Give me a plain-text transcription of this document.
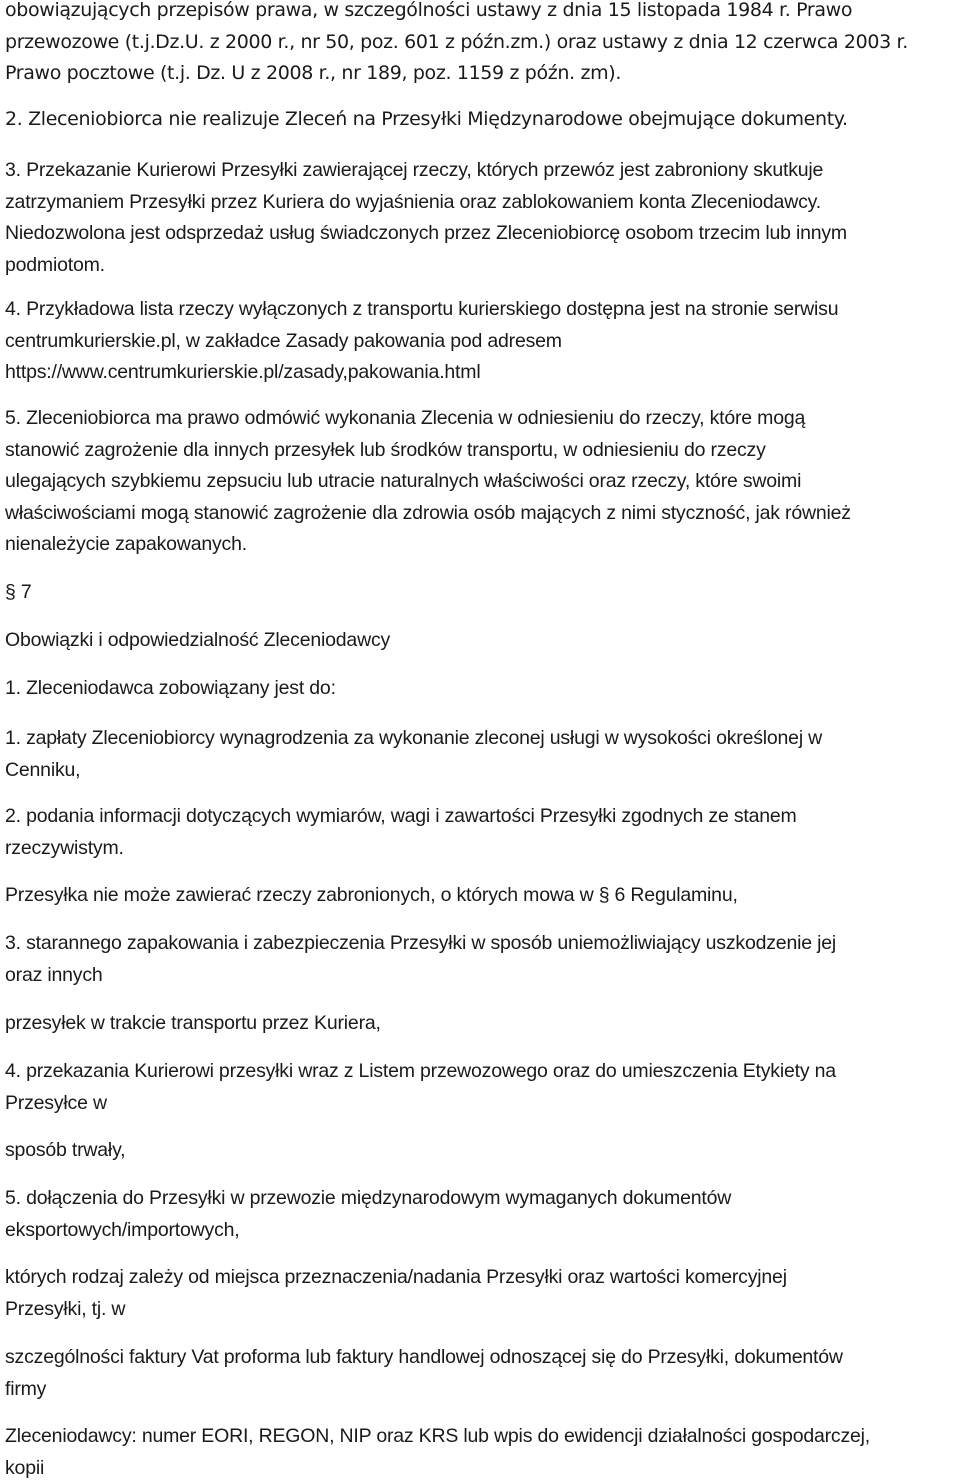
obowiązujących przepisów prawa, w szczególności ustawy z dnia 15 listopada 1984 r. Prawo
przewozowe (t.j.Dz.U. z 2000 r., nr 50, poz. 601 z późn.zm.) oraz ustawy z dnia 12 czerwca 2003 r.
Prawo pocztowe (t.j. Dz. U z 2008 r., nr 189, poz. 1159 z późn. zm).

2. Zleceniobiorca nie realizuje Zleceń na Przesyłki Międzynarodowe obejmujące dokumenty.

3. Przekazanie Kurierowi Przesyłki zawierającej rzeczy, których przewóz jest zabroniony skutkuje
zatrzymaniem Przesyłki przez Kuriera do wyjaśnienia oraz zablokowaniem konta Zleceniodawcy.
Niedozwolona jest odsprzedaż usług świadczonych przez Zleceniobiorcę osobom trzecim lub innym
podmiotom.

4. Przykładowa lista rzeczy wyłączonych z transportu kurierskiego dostępna jest na stronie serwisu
centrumkurierskie.pl, w zakładce Zasady pakowania pod adresem
https://www.centrumkurierskie.pl/zasady,pakowania.html

5. Zleceniobiorca ma prawo odmówić wykonania Zlecenia w odniesieniu do rzeczy, które mogą
stanowić zagrożenie dla innych przesyłek lub środków transportu, w odniesieniu do rzeczy
ulegających szybkiemu zepsuciu lub utracie naturalnych właściwości oraz rzeczy, które swoimi
właściwościami mogą stanowić zagrożenie dla zdrowia osób mających z nimi styczność, jak również
nienależycie zapakowanych.

§ 7

Obowiązki i odpowiedzialność Zleceniodawcy

1. Zleceniodawca zobowiązany jest do:

1. zapłaty Zleceniobiorcy wynagrodzenia za wykonanie zleconej usługi w wysokości określonej w
Cenniku,

2. podania informacji dotyczących wymiarów, wagi i zawartości Przesyłki zgodnych ze stanem
rzeczywistym.

Przesyłka nie może zawierać rzeczy zabronionych, o których mowa w § 6 Regulaminu,

3. starannego zapakowania i zabezpieczenia Przesyłki w sposób uniemożliwiający uszkodzenie jej
oraz innych

przesyłek w trakcie transportu przez Kuriera,

4. przekazania Kurierowi przesyłki wraz z Listem przewozowego oraz do umieszczenia Etykiety na
Przesyłce w

sposób trwały,

5. dołączenia do Przesyłki w przewozie międzynarodowym wymaganych dokumentów
eksportowych/importowych,

których rodzaj zależy od miejsca przeznaczenia/nadania Przesyłki oraz wartości komercyjnej
Przesyłki, tj. w

szczególności faktury Vat proforma lub faktury handlowej odnoszącej się do Przesyłki, dokumentów
firmy

Zleceniodawcy: numer EORI, REGON, NIP oraz KRS lub wpis do ewidencji działalności gospodarczej,
kopii
